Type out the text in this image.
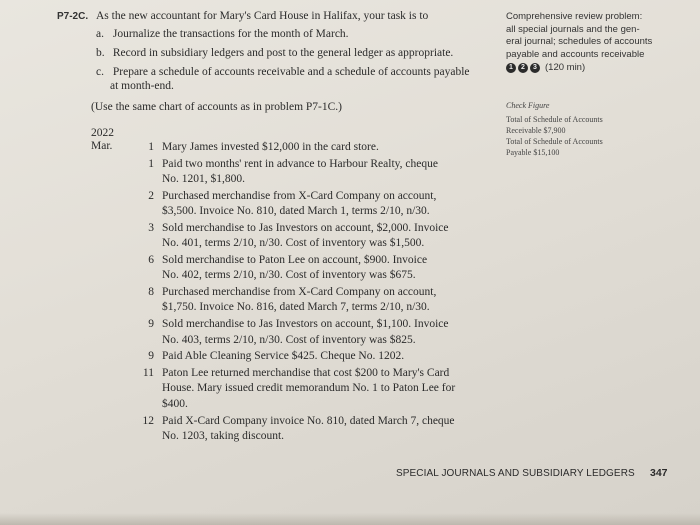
P7-2C. As the new accountant for Mary's Card House in Halifax, your task is to
a. Journalize the transactions for the month of March.
b. Record in subsidiary ledgers and post to the general ledger as appropriate.
c. Prepare a schedule of accounts receivable and a schedule of accounts payable
at month-end.
(Use the same chart of accounts as in problem P7-1C.)
2022
Mar.	1 Mary James invested $12,000 in the card store.
1 Paid two months' rent in advance to Harbour Realty, cheque
No. 1201, $1,800.
2 Purchased merchandise from X-Card Company on account,
$3,500. Invoice No. 810, dated March 1, terms 2/10, n/30.
3 Sold merchandise to Jas Investors on account, $2,000. Invoice
No. 401, terms 2/10, n/30. Cost of inventory was $1,500.
6 Sold merchandise to Paton Lee on account, $900. Invoice
No. 402, terms 2/10, n/30. Cost of inventory was $675.
8 Purchased merchandise from X-Card Company on account,
$1,750. Invoice No. 816, dated March 7, terms 2/10, n/30.
9 Sold merchandise to Jas Investors on account, $1,100. Invoice
No. 403, terms 2/10, n/30. Cost of inventory was $825.
9 Paid Able Cleaning Service $425. Cheque No. 1202.
11 Paton Lee returned merchandise that cost $200 to Mary's Card
House. Mary issued credit memorandum No. 1 to Paton Lee for
$400.
12 Paid X-Card Company invoice No. 810, dated March 7, cheque
No. 1203, taking discount.
Comprehensive review problem:
all special journals and the gen-
eral journal; schedules of accounts
payable and accounts receivable
1	2	3 (120 min)
Check Figure
Total of Schedule of Accounts
Receivable $7,900
Total of Schedule of Accounts
Payable $15,100
SPECIAL JOURNALS AND SUBSIDIARY LEDGERS 347
